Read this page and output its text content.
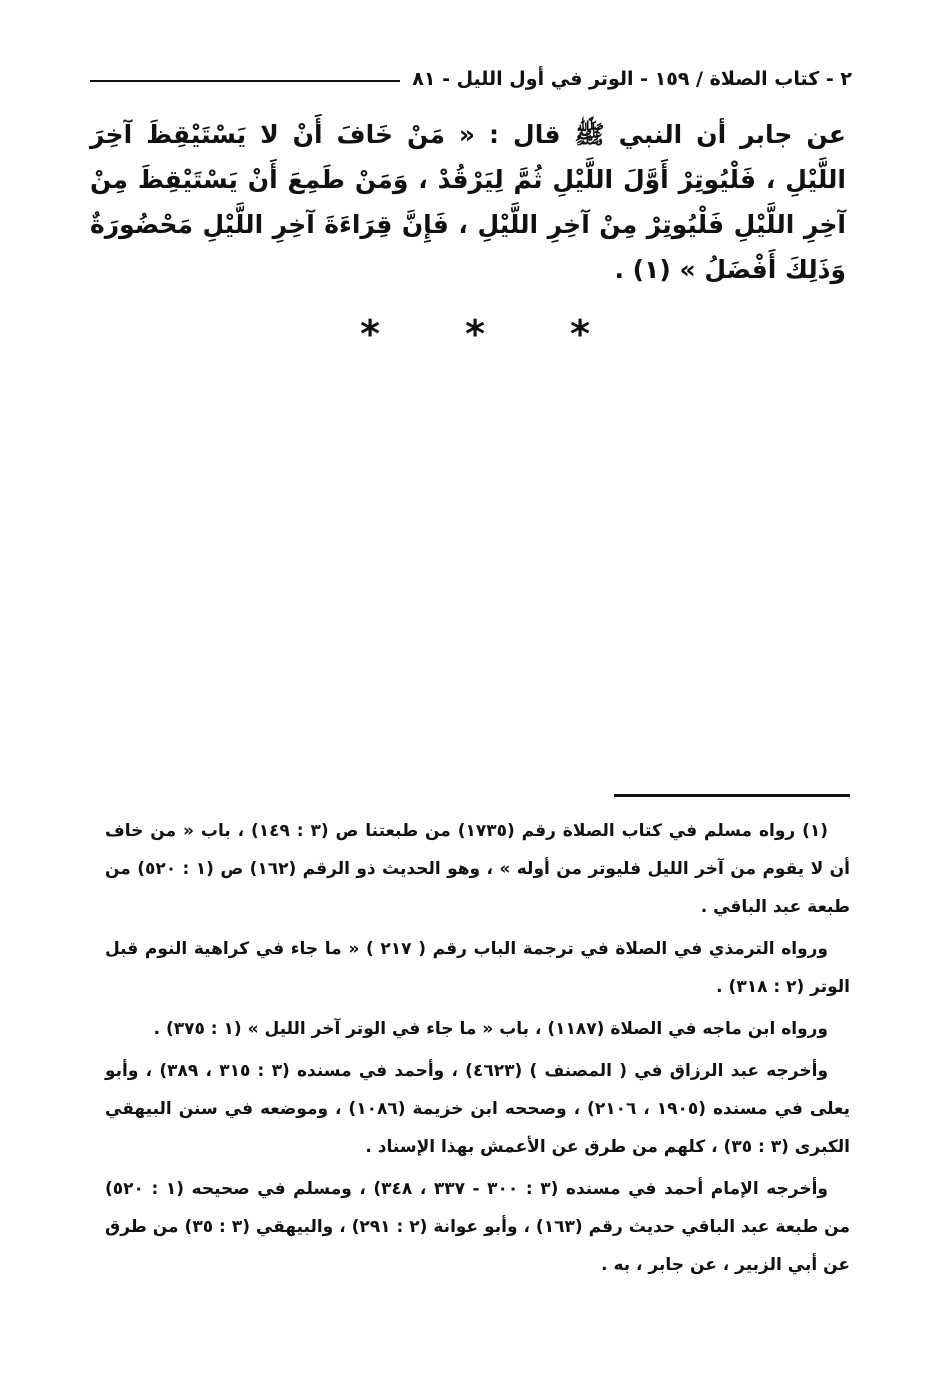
٢ - كتاب الصلاة / ١٥٩ - الوتر في أول الليل - ٨١
عن جابر أن النبي ﷺ قال : « مَنْ خَافَ أَنْ لا يَسْتَيْقِظَ آخِرَ اللَّيْلِ ، فَلْيُوتِرْ أَوَّلَ اللَّيْلِ ثُمَّ لِيَرْقُدْ ، وَمَنْ طَمِعَ أَنْ يَسْتَيْقِظَ مِنْ آخِرِ اللَّيْلِ فَلْيُوتِرْ مِنْ آخِرِ اللَّيْلِ ، فَإِنَّ قِرَاءَةَ آخِرِ اللَّيْلِ مَحْضُورَةٌ وَذَلِكَ أَفْضَلُ » (١) .
*
*
*

(١) رواه مسلم في كتاب الصلاة رقم (١٧٣٥) من طبعتنا ص (٣ : ١٤٩) ، باب « من خاف أن لا يقوم من آخر الليل فليوتر من أوله » ، وهو الحديث ذو الرقم (١٦٢) ص (١ : ٥٢٠) من طبعة عبد الباقي .

ورواه الترمذي في الصلاة في ترجمة الباب رقم ( ٢١٧ ) « ما جاء في كراهية النوم قبل الوتر (٢ : ٣١٨) .

ورواه ابن ماجه في الصلاة (١١٨٧) ، باب « ما جاء في الوتر آخر الليل » (١ : ٣٧٥) .

وأخرجه عبد الرزاق في ( المصنف ) (٤٦٢٣) ، وأحمد في مسنده (٣ : ٣١٥ ، ٣٨٩) ، وأبو يعلى في مسنده (١٩٠٥ ، ٢١٠٦) ، وصححه ابن خزيمة (١٠٨٦) ، وموضعه في سنن البيهقي الكبرى (٣ : ٣٥) ، كلهم من طرق عن الأعمش بهذا الإسناد .

وأخرجه الإمام أحمد في مسنده (٣ : ٣٠٠ - ٣٣٧ ، ٣٤٨) ، ومسلم في صحيحه (١ : ٥٢٠) من طبعة عبد الباقي حديث رقم (١٦٣) ، وأبو عوانة (٢ : ٢٩١) ، والبيهقي (٣ : ٣٥) من طرق عن أبي الزبير ، عن جابر ، به .
